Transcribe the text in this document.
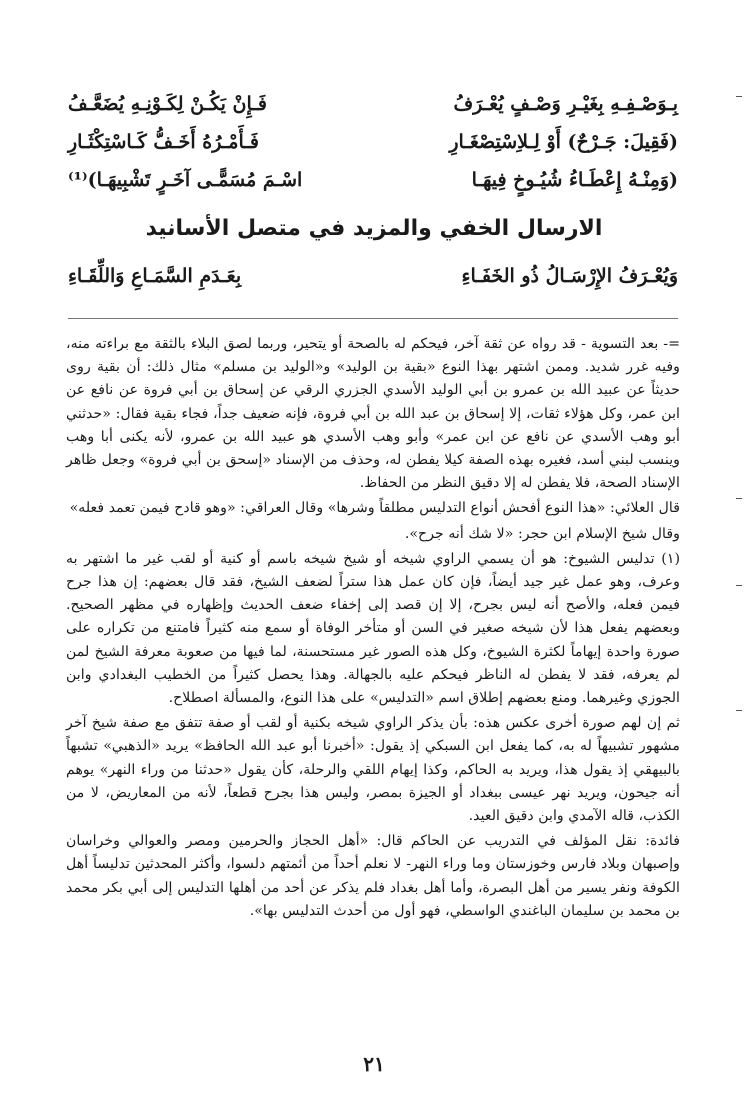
بِـوَصْـفِـهِ بِغَيْـرِ وَصْـفٍ يُعْـرَفُ
فَـإِنْ يَكُـنْ لِكَـوْنِـهِ يُضَعَّـفُ
(فَقِيلَ: جَـرْحٌ) أَوْ لِـلاِسْتِصْغَـارِ
فَـأَمْـرُهُ أَخَـفُّ كَـاسْتِكْثَـارِ
(وَمِنْـهُ إِعْطَـاءُ شُيُـوخٍ فِيهَـا
اسْـمَ مُسَمًّـى آخَـرٍ تَشْبِيهَـا)⁽¹⁾
الارسال الخفي والمزيد في متصل الأسانيد
وَيُعْـرَفُ الإِرْسَـالُ ذُو الخَفَـاءِ
بِعَـدَمِ السَّمَـاعِ وَاللِّقَـاءِ

=- بعد التسوية - قد رواه عن ثقة آخر، فيحكم له بالصحة أو يتحير، وربما لصق البلاء بالثقة مع براءته منه، وفيه غرر شديد. وممن اشتهر بهذا النوع «بقية بن الوليد» و«الوليد بن مسلم» مثال ذلك: أن بقية روى حديثاً عن عبيد الله بن عمرو بن أبي الوليد الأسدي الجزري الرقي عن إسحاق بن أبي فروة عن نافع عن ابن عمر، وكل هؤلاء ثقات، إلا إسحاق بن عبد الله بن أبي فروة، فإنه ضعيف جداً، فجاء بقية فقال: «حدثني أبو وهب الأسدي عن نافع عن ابن عمر» وأبو وهب الأسدي هو عبيد الله بن عمرو، لأنه يكنى أبا وهب وينسب لبني أسد، فغيره بهذه الصفة كيلا يفطن له، وحذف من الإسناد «إسحق بن أبي فروة» وجعل ظاهر الإسناد الصحة، فلا يفطن له إلا دقيق النظر من الحفاظ.

قال العلائي: «هذا النوع أفحش أنواع التدليس مطلقاً وشرها» وقال العراقي: «وهو قادح فيمن تعمد فعله»

وقال شيخ الإسلام ابن حجر: «لا شك أنه جرح».

(١) تدليس الشيوخ: هو أن يسمي الراوي شيخه أو شيخ شيخه باسم أو كنية أو لقب غير ما اشتهر به وعرف، وهو عمل غير جيد أيضاً، فإن كان عمل هذا ستراً لضعف الشيخ، فقد قال بعضهم: إن هذا جرح فيمن فعله، والأصح أنه ليس بجرح، إلا إن قصد إلى إخفاء ضعف الحديث وإظهاره في مظهر الصحيح. وبعضهم يفعل هذا لأن شيخه صغير في السن أو متأخر الوفاة أو سمع منه كثيراً فامتنع من تكراره على صورة واحدة إيهاماً لكثرة الشيوخ، وكل هذه الصور غير مستحسنة، لما فيها من صعوبة معرفة الشيخ لمن لم يعرفه، فقد لا يفطن له الناظر فيحكم عليه بالجهالة. وهذا يحصل كثيراً من الخطيب البغدادي وابن الجوزي وغيرهما. ومنع بعضهم إطلاق اسم «التدليس» على هذا النوع، والمسألة اصطلاح.

ثم إن لهم صورة أخرى عكس هذه: بأن يذكر الراوي شيخه بكنية أو لقب أو صفة تتفق مع صفة شيخ آخر مشهور تشبيهاً له به، كما يفعل ابن السبكي إذ يقول: «أخبرنا أبو عبد الله الحافظ» يريد «الذهبي» تشبهاً بالبيهقي إذ يقول هذا، ويريد به الحاكم، وكذا إيهام اللقي والرحلة، كأن يقول «حدثنا من وراء النهر» يوهم أنه جيحون، ويريد نهر عيسى ببغداد أو الجيزة بمصر، وليس هذا بجرح قطعاً، لأنه من المعاريض، لا من الكذب، قاله الآمدي وابن دقيق العيد.

فائدة: نقل المؤلف في التدريب عن الحاكم قال: «أهل الحجاز والحرمين ومصر والعوالي وخراسان وإصبهان وبلاد فارس وخوزستان وما وراء النهر- لا نعلم أحداً من أئمتهم دلسوا، وأكثر المحدثين تدليساً أهل الكوفة ونفر يسير من أهل البصرة، وأما أهل بغداد فلم يذكر عن أحد من أهلها التدليس إلى أبي بكر محمد بن محمد بن سليمان الباغندي الواسطي، فهو أول من أحدث التدليس بها».

٢١
